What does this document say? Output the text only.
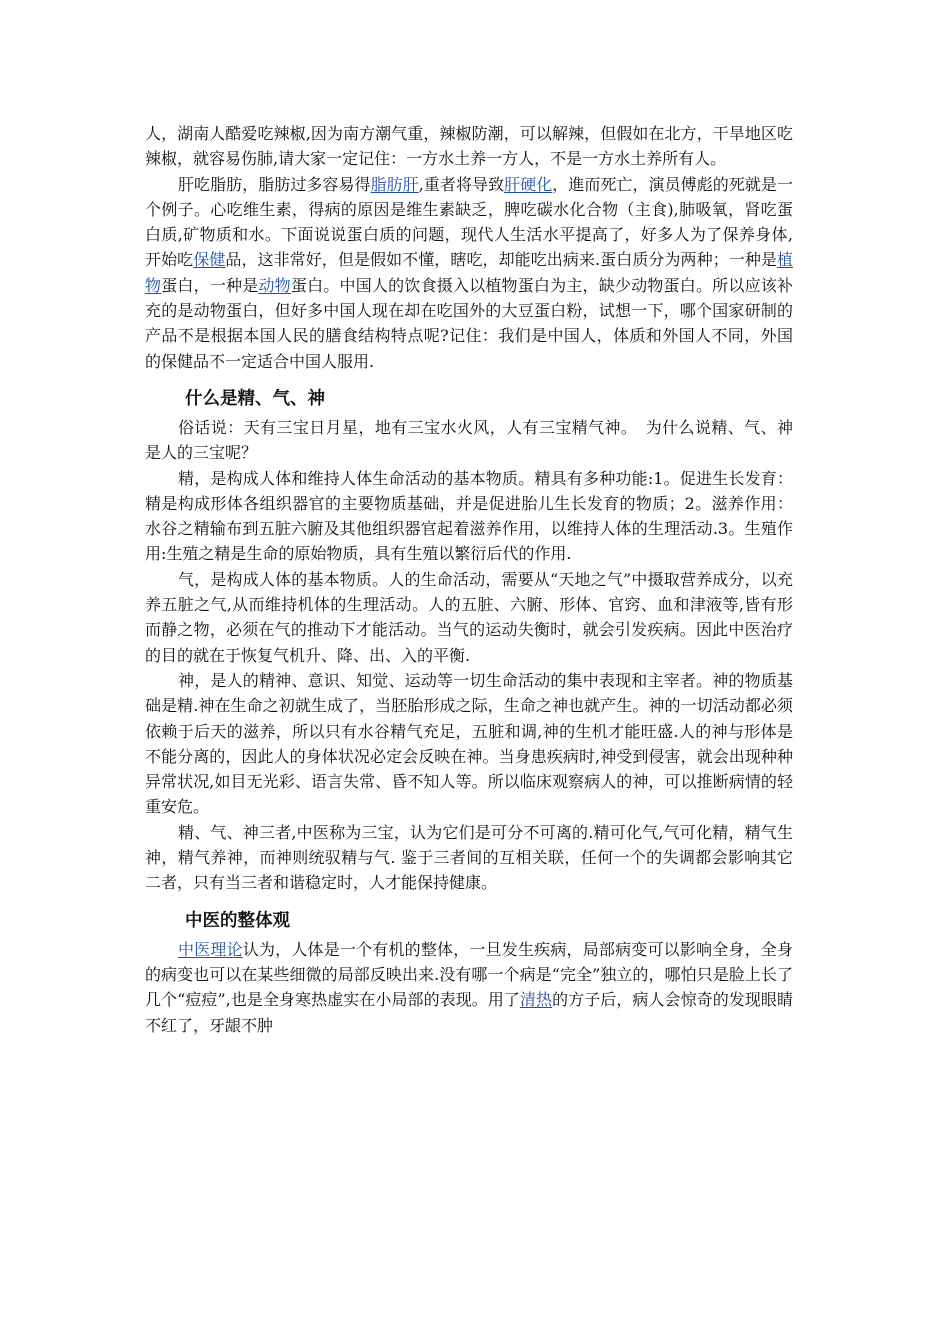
人，湖南人酷爱吃辣椒,因为南方潮气重，辣椒防潮，可以解辣，但假如在北方，干旱地区吃辣椒，就容易伤肺,请大家一定记住：一方水土养一方人，不是一方水土养所有人。

肝吃脂肪，脂肪过多容易得脂肪肝,重者将导致肝硬化，進而死亡，演员傅彪的死就是一个例子。心吃维生素，得病的原因是维生素缺乏，脾吃碳水化合物（主食),肺吸氧，肾吃蛋白质,矿物质和水。下面说说蛋白质的问题，现代人生活水平提高了，好多人为了保养身体,开始吃保健品，这非常好，但是假如不懂，瞎吃，却能吃出病来.蛋白质分为两种；一种是植物蛋白，一种是动物蛋白。中国人的饮食摄入以植物蛋白为主，缺少动物蛋白。所以应该补充的是动物蛋白，但好多中国人现在却在吃国外的大豆蛋白粉，试想一下，哪个国家研制的产品不是根据本国人民的膳食结构特点呢?记住：我们是中国人，体质和外国人不同，外国的保健品不一定适合中国人服用.

什么是精、气、神

俗话说：天有三宝日月星，地有三宝水火风，人有三宝精气神。　为什么说精、气、神是人的三宝呢？

精，是构成人体和维持人体生命活动的基本物质。精具有多种功能:1。促进生长发育：精是构成形体各组织器官的主要物质基础，并是促进胎儿生长发育的物质；2。滋养作用：水谷之精输布到五脏六腑及其他组织器官起着滋养作用，以维持人体的生理活动.3。生殖作用:生殖之精是生命的原始物质，具有生殖以繁衍后代的作用.

气，是构成人体的基本物质。人的生命活动，需要从“天地之气”中摄取营养成分，以充养五脏之气,从而维持机体的生理活动。人的五脏、六腑、形体、官窍、血和津液等,皆有形而静之物，必须在气的推动下才能活动。当气的运动失衡时，就会引发疾病。因此中医治疗的目的就在于恢复气机升、降、出、入的平衡.

神，是人的精神、意识、知觉、运动等一切生命活动的集中表现和主宰者。神的物质基础是精.神在生命之初就生成了，当胚胎形成之际，生命之神也就产生。神的一切活动都必须依赖于后天的滋养，所以只有水谷精气充足，五脏和调,神的生机才能旺盛.人的神与形体是不能分离的，因此人的身体状况必定会反映在神。当身患疾病时,神受到侵害，就会出现种种异常状况,如目无光彩、语言失常、昏不知人等。所以临床观察病人的神，可以推断病情的轻重安危。

精、气、神三者,中医称为三宝，认为它们是可分不可离的.精可化气,气可化精，精气生神，精气养神，而神则统驭精与气. 鉴于三者间的互相关联，任何一个的失调都会影响其它二者，只有当三者和谐稳定时，人才能保持健康。

中医的整体观

中医理论认为，人体是一个有机的整体，一旦发生疾病，局部病变可以影响全身，全身的病变也可以在某些细微的局部反映出来.没有哪一个病是“完全”独立的，哪怕只是脸上长了几个“痘痘”,也是全身寒热虚实在小局部的表现。用了清热的方子后，病人会惊奇的发现眼睛不红了，牙龈不肿
